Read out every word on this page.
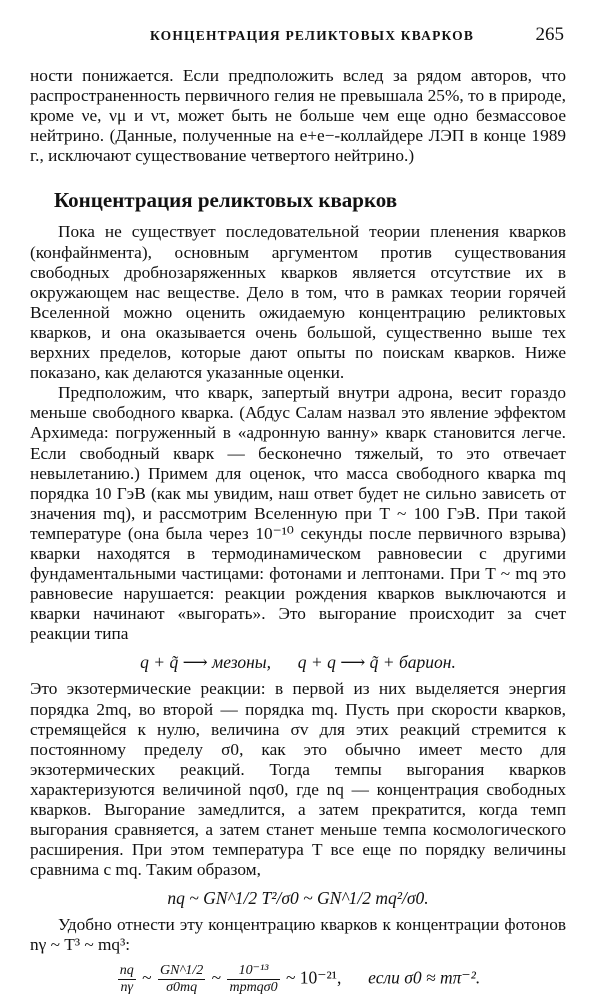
КОНЦЕНТРАЦИЯ РЕЛИКТОВЫХ КВАРКОВ	265

ности понижается. Если предположить вслед за рядом авторов, что распространенность первичного гелия не превышала 25%, то в природе, кроме νe, νμ и ντ, может быть не больше чем еще одно безмассовое нейтрино. (Данные, полученные на e+e−-коллайдере ЛЭП в конце 1989 г., исключают существование четвертого нейтрино.)

Концентрация реликтовых кварков

Пока не существует последовательной теории пленения кварков (конфайнмента), основным аргументом против существования свободных дробнозаряженных кварков является отсутствие их в окружающем нас веществе. Дело в том, что в рамках теории горячей Вселенной можно оценить ожидаемую концентрацию реликтовых кварков, и она оказывается очень большой, существенно выше тех верхних пределов, которые дают опыты по поискам кварков. Ниже показано, как делаются указанные оценки.

Предположим, что кварк, запертый внутри адрона, весит гораздо меньше свободного кварка. (Абдус Салам назвал это явление эффектом Архимеда: погруженный в «адронную ванну» кварк становится легче. Если свободный кварк — бесконечно тяжелый, то это отвечает невылетанию.) Примем для оценок, что масса свободного кварка mq порядка 10 ГэВ (как мы увидим, наш ответ будет не сильно зависеть от значения mq), и рассмотрим Вселенную при T ~ 100 ГэВ. При такой температуре (она была через 10⁻¹⁰ секунды после первичного взрыва) кварки находятся в термодинамическом равновесии с другими фундаментальными частицами: фотонами и лептонами. При T ~ mq это равновесие нарушается: реакции рождения кварков выключаются и кварки начинают «выгорать». Это выгорание происходит за счет реакции типа

q + q̃ ⟶ мезоны, q + q ⟶ q̃ + барион.

Это экзотермические реакции: в первой из них выделяется энергия порядка 2mq, во второй — порядка mq. Пусть при скорости кварков, стремящейся к нулю, величина σv для этих реакций стремится к постоянному пределу σ0, как это обычно имеет место для экзотермических реакций. Тогда темпы выгорания кварков характеризуются величиной nqσ0, где nq — концентрация свободных кварков. Выгорание замедлится, а затем прекратится, когда темп выгорания сравняется, а затем станет меньше темпа космологического расширения. При этом температура T все еще по порядку величины сравнима с mq. Таким образом,

nq ~ GN^1/2 T²/σ0 ~ GN^1/2 mq²/σ0.

Удобно отнести эту концентрацию кварков к концентрации фотонов nγ ~ T³ ~ mq³:

$\frac{nq}{n\gamma}$ ~ $\frac{GN\^{}1/2}{\sigma 0mq}$ ~ $\frac{\text{10⁻¹³}}{\text{mpmqσ0}}$ ~ 10⁻²¹, если σ0 ≈ mπ⁻².
